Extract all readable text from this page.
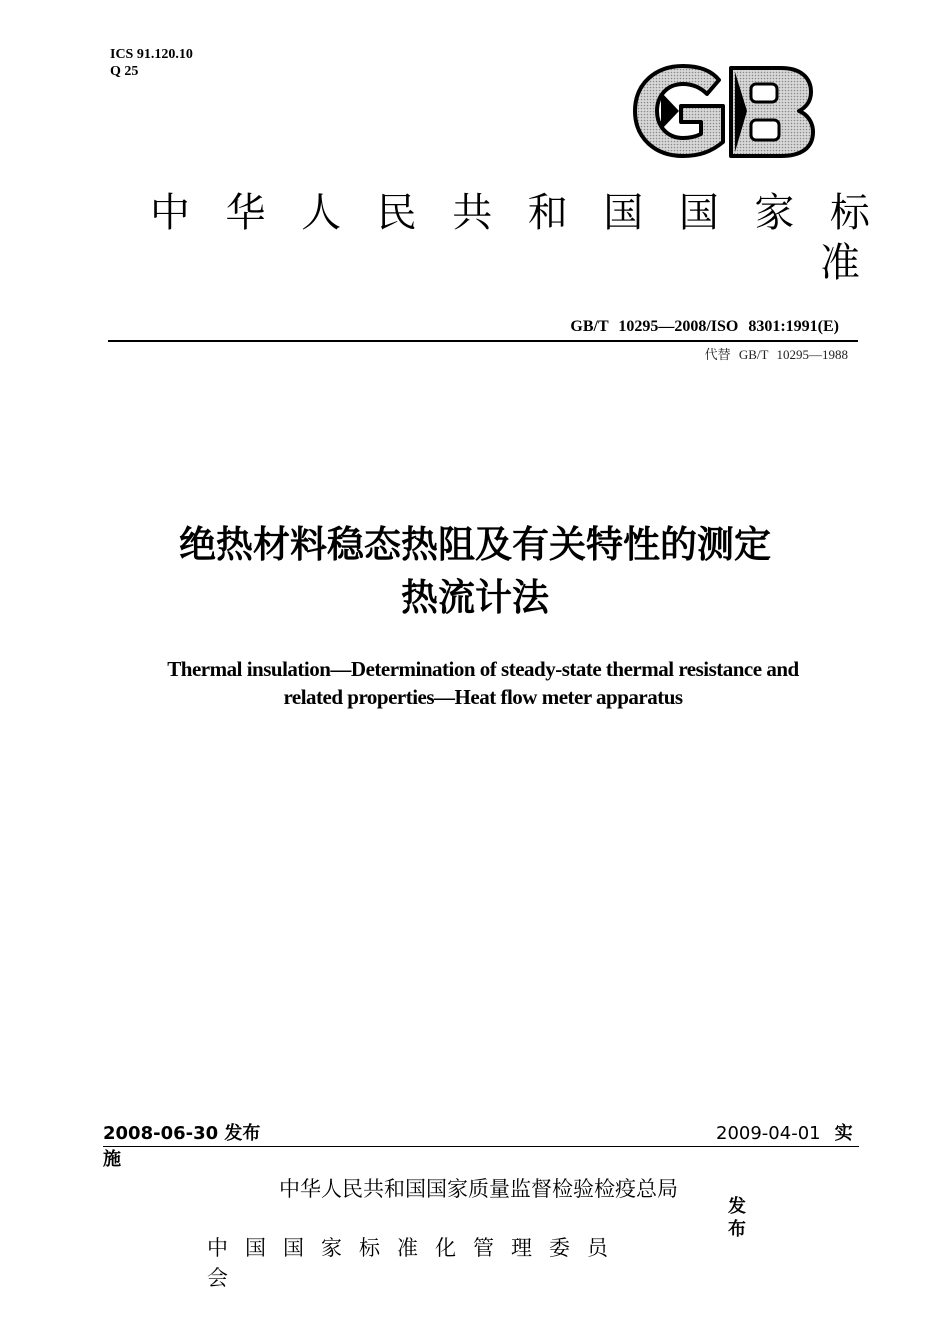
ICS 91.120.10
Q 25
GB
中 华 人 民 共 和 国 国 家 标
准
GB/T 10295—2008/ISO 8301:1991(E)
代替 GB/T 10295—1988
绝热材料稳态热阻及有关特性的测定
热流计法
Thermal insulation—Determination of steady-state thermal resistance and
related properties—Heat flow meter apparatus
2008-06-30 发布	2009-04-01 实
施
中华人民共和国国家质量监督检验检疫总局
中国国家标准化管理委员会
发布
